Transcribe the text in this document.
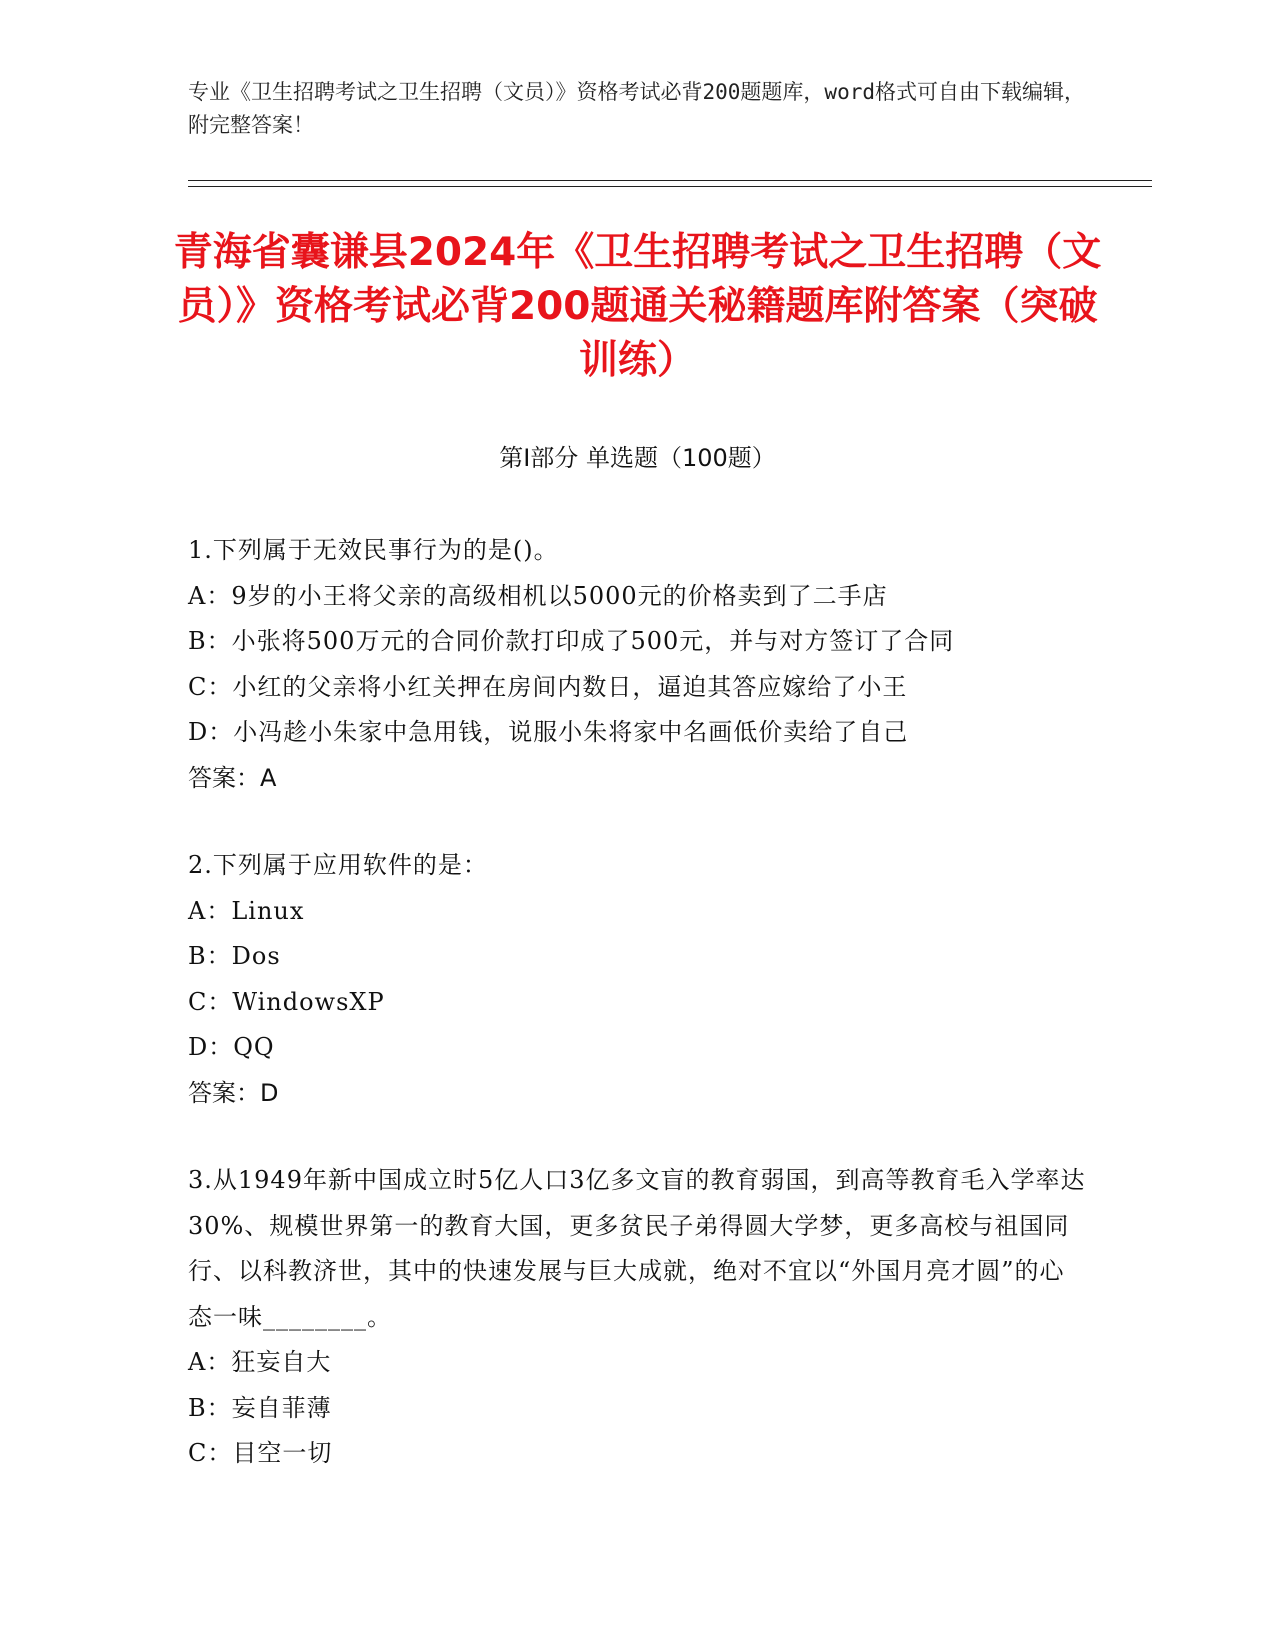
专业《卫生招聘考试之卫生招聘（文员）》资格考试必背200题题库，word格式可自由下载编辑，附完整答案！
青海省囊谦县2024年《卫生招聘考试之卫生招聘（文员）》资格考试必背200题通关秘籍题库附答案（突破训练）
第Ⅰ部分 单选题（100题）
1.下列属于无效民事行为的是()。
A：9岁的小王将父亲的高级相机以5000元的价格卖到了二手店
B：小张将500万元的合同价款打印成了500元，并与对方签订了合同
C：小红的父亲将小红关押在房间内数日，逼迫其答应嫁给了小王
D：小冯趁小朱家中急用钱，说服小朱将家中名画低价卖给了自己
答案：A
2.下列属于应用软件的是：
A：Linux
B：Dos
C：WindowsXP
D：QQ
答案：D
3.从1949年新中国成立时5亿人口3亿多文盲的教育弱国，到高等教育毛入学率达30%、规模世界第一的教育大国，更多贫民子弟得圆大学梦，更多高校与祖国同行、以科教济世，其中的快速发展与巨大成就，绝对不宜以“外国月亮才圆”的心态一味________。
A：狂妄自大
B：妄自菲薄
C：目空一切
